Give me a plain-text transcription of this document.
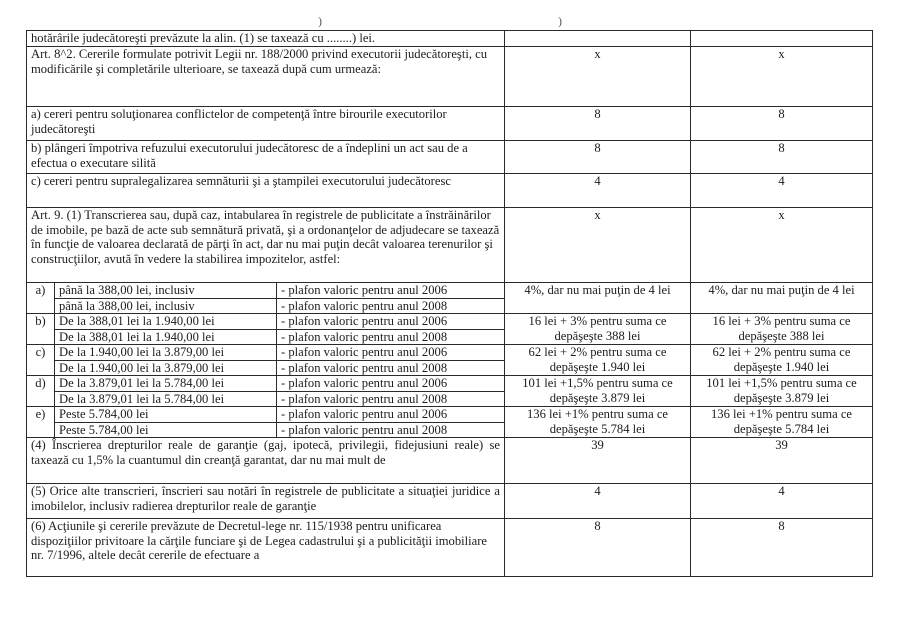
)	)
hotărârile judecătoreşti prevăzute la alin. (1) se taxează cu ........) lei.				
Art. 8^2. Cererile formulate potrivit Legii nr. 188/2000 privind executorii judecătoreşti, cu modificările şi completările ulterioare, se taxează după cum urmează:			x	x
a) cereri pentru soluţionarea conflictelor de competenţă între birourile executorilor judecătoreşti			8	8
b) plângeri împotriva refuzului executorului judecătoresc de a îndeplini un act sau de a efectua o executare silită			8	8
c) cereri pentru supralegalizarea semnăturii şi a ştampilei executorului judecătoresc			4	4
Art. 9. (1) Transcrierea sau, după caz, intabularea în registrele de publicitate a înstrăinărilor de imobile, pe bază de acte sub semnătură privată, şi a ordonanţelor de adjudecare se taxează în funcţie de valoarea declarată de părţi în act, dar nu mai puţin decât valoarea terenurilor şi construcţiilor, avută în vedere la stabilirea impozitelor, astfel:			x	x
a)	până la 388,00 lei, inclusiv	- plafon valoric pentru anul 2006	4%, dar nu mai puţin de 4 lei	4%, dar nu mai puţin de 4 lei
	până la 388,00 lei, inclusiv	- plafon valoric pentru anul 2008		
b)	De la 388,01 lei la 1.940,00 lei	- plafon valoric pentru anul 2006	16 lei + 3% pentru suma ce depăşeşte 388 lei	16 lei + 3% pentru suma ce depăşeşte 388 lei
	De la 388,01 lei la 1.940,00 lei	- plafon valoric pentru anul 2008		
c)	De la 1.940,00 lei la 3.879,00 lei	- plafon valoric pentru anul 2006	62 lei + 2% pentru suma ce depăşeşte 1.940 lei	62 lei + 2% pentru suma ce depăşeşte 1.940 lei
	De la 1.940,00 lei la 3.879,00 lei	- plafon valoric pentru anul 2008		
d)	De la 3.879,01 lei la 5.784,00 lei	- plafon valoric pentru anul 2006	101 lei +1,5% pentru suma ce depăşeşte 3.879 lei	101 lei +1,5% pentru suma ce depăşeşte 3.879 lei
	De la 3.879,01 lei la 5.784,00 lei	- plafon valoric pentru anul 2008		
e)	Peste 5.784,00 lei	- plafon valoric pentru anul 2006	136 lei +1% pentru suma ce depăşeşte 5.784 lei	136 lei +1% pentru suma ce depăşeşte 5.784 lei
	Peste 5.784,00 lei	- plafon valoric pentru anul 2008		
(4) Înscrierea drepturilor reale de garanţie (gaj, ipotecă, privilegii, fidejusiuni reale) se taxează cu 1,5% la cuantumul din creanţă garantat, dar nu mai mult de			39	39
(5) Orice alte transcrieri, înscrieri sau notări în registrele de publicitate a situaţiei juridice a imobilelor, inclusiv radierea drepturilor reale de garanţie			4	4
(6) Acţiunile şi cererile prevăzute de Decretul-lege nr. 115/1938 pentru unificarea dispoziţiilor privitoare la cărţile funciare şi de Legea cadastrului şi a publicităţii imobiliare nr. 7/1996, altele decât cererile de efectuare a			8	8
